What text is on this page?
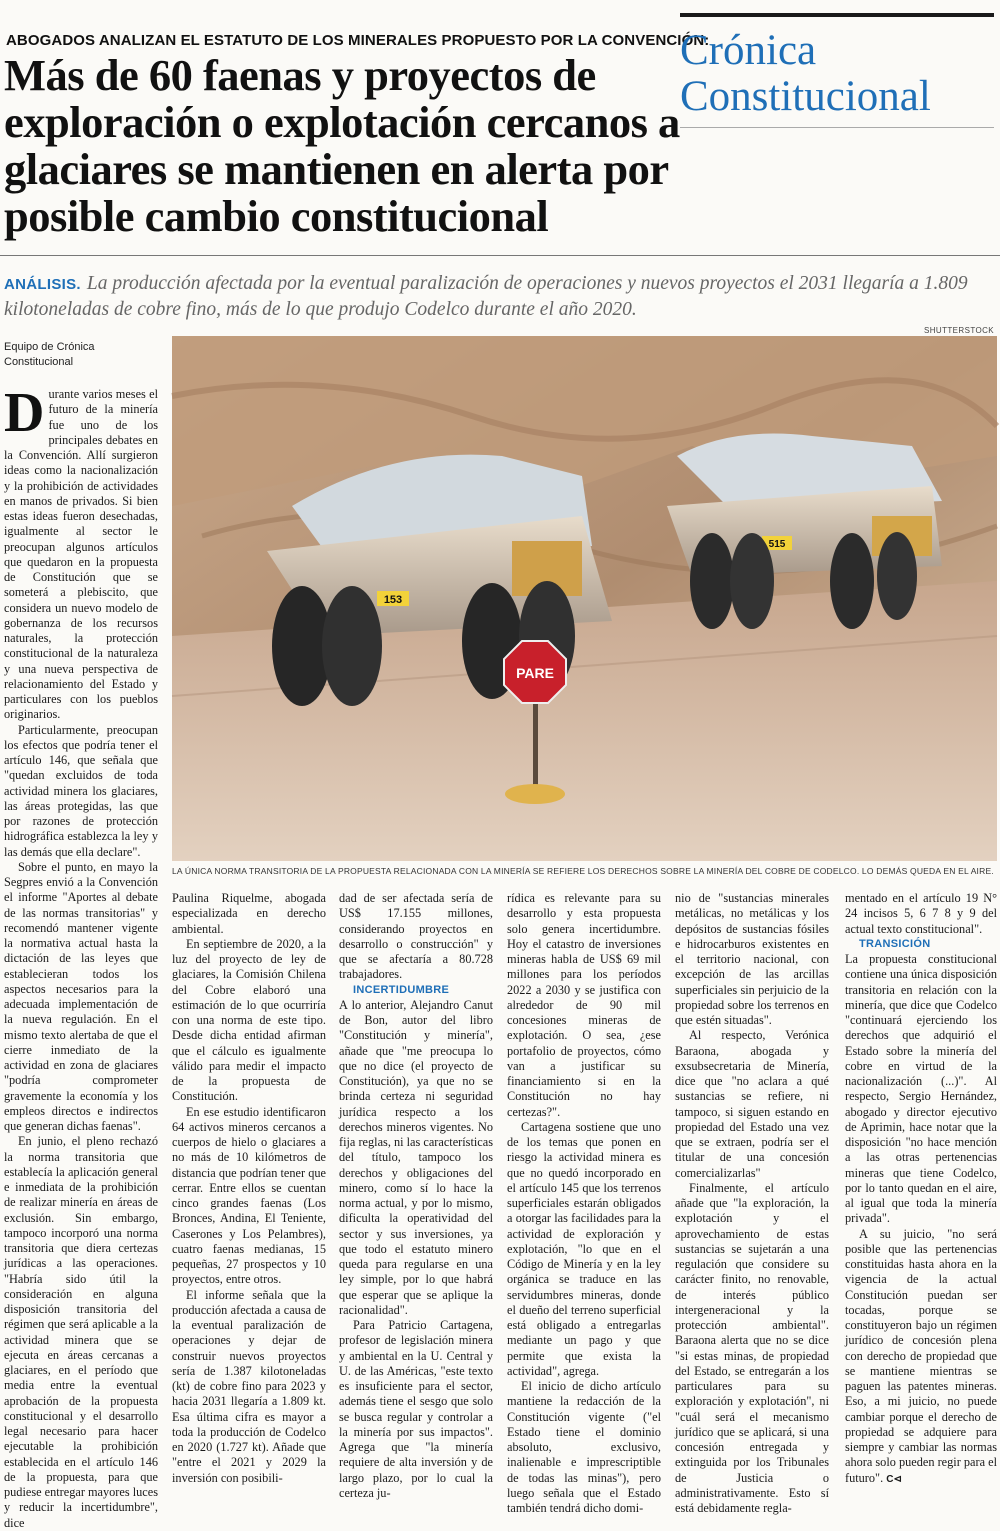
ABOGADOS ANALIZAN EL ESTATUTO DE LOS MINERALES PROPUESTO POR LA CONVENCIÓN:
Más de 60 faenas y proyectos de exploración o explotación cercanos a glaciares se mantienen en alerta por posible cambio constitucional
Crónica
Constitucional
ANÁLISIS. La producción afectada por la eventual paralización de operaciones y nuevos proyectos el 2031 llegaría a 1.809 kilotoneladas de cobre fino, más de lo que produjo Codelco durante el año 2020.
SHUTTERSTOCK
515
153
PARE
LA ÚNICA NORMA TRANSITORIA DE LA PROPUESTA RELACIONADA CON LA MINERÍA SE REFIERE LOS DERECHOS SOBRE LA MINERÍA DEL COBRE DE CODELCO. LO DEMÁS QUEDA EN EL AIRE.
Equipo de Crónica
Constitucional

Durante varios meses el futuro de la minería fue uno de los principales debates en la Convención. Allí surgieron ideas como la nacionalización y la prohibición de actividades en manos de privados. Si bien estas ideas fueron desechadas, igualmente al sector le preocupan algunos artículos que quedaron en la propuesta de Constitución que se someterá a plebiscito, que considera un nuevo modelo de gobernanza de los recursos naturales, la protección constitucional de la naturaleza y una nueva perspectiva de relacionamiento del Estado y particulares con los pueblos originarios.

Particularmente, preocupan los efectos que podría tener el artículo 146, que señala que "quedan excluidos de toda actividad minera los glaciares, las áreas protegidas, las que por razones de protección hidrográfica establezca la ley y las demás que ella declare".

Sobre el punto, en mayo la Segpres envió a la Convención el informe "Aportes al debate de las normas transitorias" y recomendó mantener vigente la normativa actual hasta la dictación de las leyes que establecieran todos los aspectos necesarios para la adecuada implementación de la nueva regulación. En el mismo texto alertaba de que el cierre inmediato de la actividad en zona de glaciares "podría comprometer gravemente la economía y los empleos directos e indirectos que generan dichas faenas".

En junio, el pleno rechazó la norma transitoria que establecía la aplicación general e inmediata de la prohibición de realizar minería en áreas de exclusión. Sin embargo, tampoco incorporó una norma transitoria que diera certezas jurídicas a las operaciones. "Habría sido útil la consideración en alguna disposición transitoria del régimen que será aplicable a la actividad minera que se ejecuta en áreas cercanas a glaciares, en el período que media entre la eventual aprobación de la propuesta constitucional y el desarrollo legal necesario para hacer ejecutable la prohibición establecida en el artículo 146 de la propuesta, para que pudiese entregar mayores luces y reducir la incertidumbre", dice

Paulina Riquelme, abogada especializada en derecho ambiental.

En septiembre de 2020, a la luz del proyecto de ley de glaciares, la Comisión Chilena del Cobre elaboró una estimación de lo que ocurriría con una norma de este tipo. Desde dicha entidad afirman que el cálculo es igualmente válido para medir el impacto de la propuesta de Constitución.

En ese estudio identificaron 64 activos mineros cercanos a cuerpos de hielo o glaciares a no más de 10 kilómetros de distancia que podrían tener que cerrar. Entre ellos se cuentan cinco grandes faenas (Los Bronces, Andina, El Teniente, Caserones y Los Pelambres), cuatro faenas medianas, 15 pequeñas, 27 prospectos y 10 proyectos, entre otros.

El informe señala que la producción afectada a causa de la eventual paralización de operaciones y dejar de construir nuevos proyectos sería de 1.387 kilotoneladas (kt) de cobre fino para 2023 y hacia 2031 llegaría a 1.809 kt. Esa última cifra es mayor a toda la producción de Codelco en 2020 (1.727 kt). Añade que "entre el 2021 y 2029 la inversión con posibili-

dad de ser afectada sería de US$ 17.155 millones, considerando proyectos en desarrollo o construcción" y que se afectaría a 80.728 trabajadores.

INCERTIDUMBRE

A lo anterior, Alejandro Canut de Bon, autor del libro "Constitución y minería", añade que "me preocupa lo que no dice (el proyecto de Constitución), ya que no se brinda certeza ni seguridad jurídica respecto a los derechos mineros vigentes. No fija reglas, ni las características del título, tampoco los derechos y obligaciones del minero, como sí lo hace la norma actual, y por lo mismo, dificulta la operatividad del sector y sus inversiones, ya que todo el estatuto minero queda para regularse en una ley simple, por lo que habrá que esperar que se aplique la racionalidad".

Para Patricio Cartagena, profesor de legislación minera y ambiental en la U. Central y U. de las Américas, "este texto es insuficiente para el sector, además tiene el sesgo que solo se busca regular y controlar a la minería por sus impactos". Agrega que "la minería requiere de alta inversión y de largo plazo, por lo cual la certeza ju-

rídica es relevante para su desarrollo y esta propuesta solo genera incertidumbre. Hoy el catastro de inversiones mineras habla de US$ 69 mil millones para los períodos 2022 a 2030 y se justifica con alrededor de 90 mil concesiones mineras de explotación. O sea, ¿ese portafolio de proyectos, cómo van a justificar su financiamiento si en la Constitución no hay certezas?".

Cartagena sostiene que uno de los temas que ponen en riesgo la actividad minera es que no quedó incorporado en el artículo 145 que los terrenos superficiales estarán obligados a otorgar las facilidades para la actividad de exploración y explotación, "lo que en el Código de Minería y en la ley orgánica se traduce en las servidumbres mineras, donde el dueño del terreno superficial está obligado a entregarlas mediante un pago y que permite que exista la actividad", agrega.

El inicio de dicho artículo mantiene la redacción de la Constitución vigente ("el Estado tiene el dominio absoluto, exclusivo, inalienable e imprescriptible de todas las minas"), pero luego señala que el Estado también tendrá dicho domi-

nio de "sustancias minerales metálicas, no metálicas y los depósitos de sustancias fósiles e hidrocarburos existentes en el territorio nacional, con excepción de las arcillas superficiales sin perjuicio de la propiedad sobre los terrenos en que estén situadas".

Al respecto, Verónica Baraona, abogada y exsubsecretaria de Minería, dice que "no aclara a qué sustancias se refiere, ni tampoco, si siguen estando en propiedad del Estado una vez que se extraen, podría ser el titular de una concesión comercializarlas"

Finalmente, el artículo añade que "la exploración, la explotación y el aprovechamiento de estas sustancias se sujetarán a una regulación que considere su carácter finito, no renovable, de interés público intergeneracional y la protección ambiental". Baraona alerta que no se dice "si estas minas, de propiedad del Estado, se entregarán a los particulares para su exploración y explotación", ni "cuál será el mecanismo jurídico que se aplicará, si una concesión entregada y extinguida por los Tribunales de Justicia o administrativamente. Esto sí está debidamente regla-

mentado en el artículo 19 N° 24 incisos 5, 6 7 8 y 9 del actual texto constitucional".

TRANSICIÓN

La propuesta constitucional contiene una única disposición transitoria en relación con la minería, que dice que Codelco "continuará ejerciendo los derechos que adquirió el Estado sobre la minería del cobre en virtud de la nacionalización (...)". Al respecto, Sergio Hernández, abogado y director ejecutivo de Aprimin, hace notar que la disposición "no hace mención a las otras pertenencias mineras que tiene Codelco, por lo tanto quedan en el aire, al igual que toda la minería privada".

A su juicio, "no será posible que las pertenencias constituidas hasta ahora en la vigencia de la actual Constitución puedan ser tocadas, porque se constituyeron bajo un régimen jurídico de concesión plena con derecho de propiedad que se mantiene mientras se paguen las patentes mineras. Eso, a mi juicio, no puede cambiar porque el derecho de propiedad se adquiere para siempre y cambiar las normas ahora solo pueden regir para el futuro". C⊲
